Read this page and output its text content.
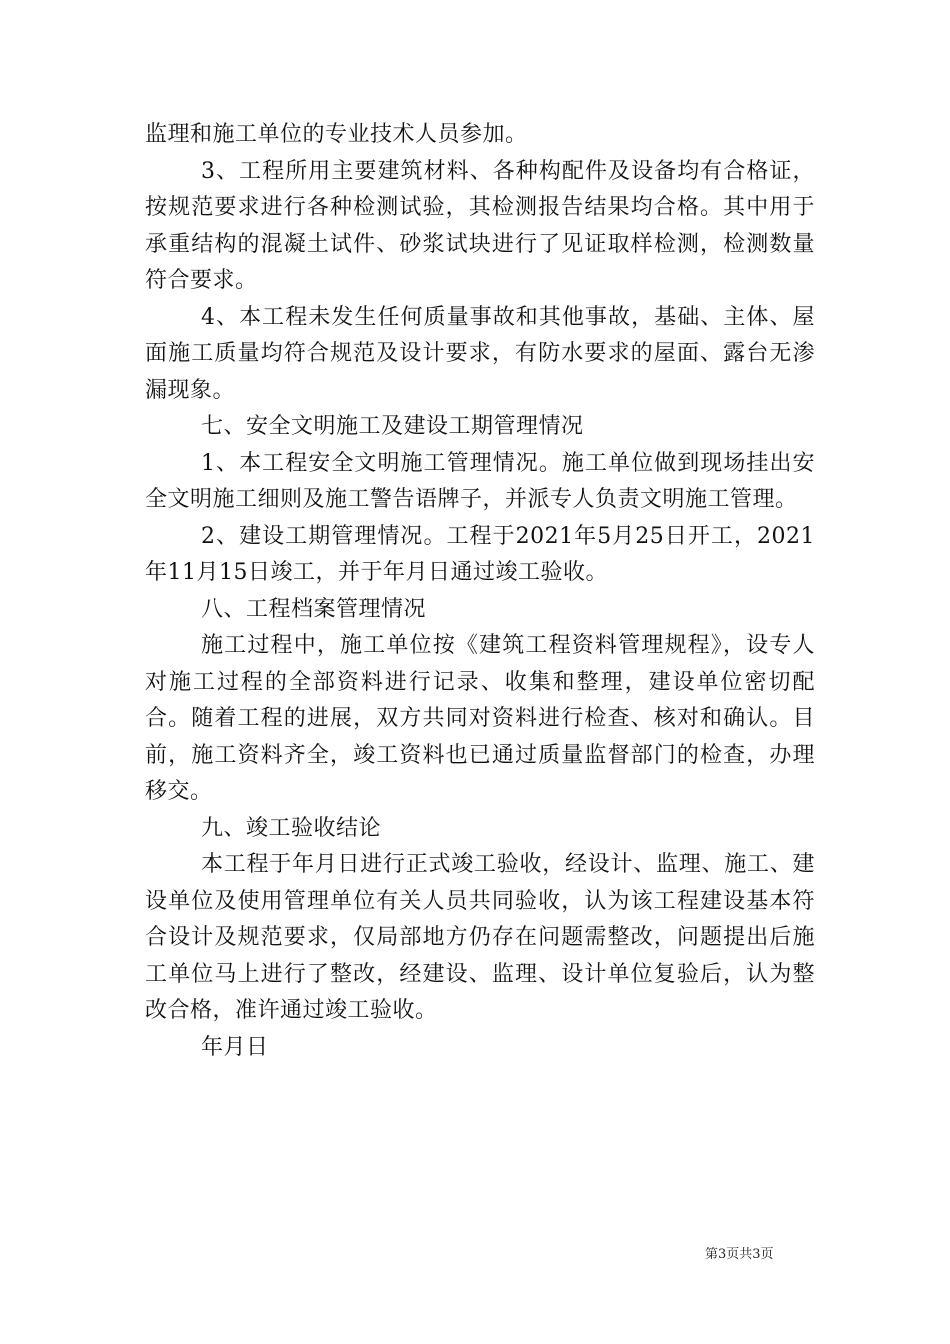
监理和施工单位的专业技术人员参加。

3、工程所用主要建筑材料、各种构配件及设备均有合格证，按规范要求进行各种检测试验，其检测报告结果均合格。其中用于承重结构的混凝土试件、砂浆试块进行了见证取样检测，检测数量符合要求。

4、本工程未发生任何质量事故和其他事故，基础、主体、屋面施工质量均符合规范及设计要求，有防水要求的屋面、露台无渗漏现象。

七、安全文明施工及建设工期管理情况

1、本工程安全文明施工管理情况。施工单位做到现场挂出安全文明施工细则及施工警告语牌子，并派专人负责文明施工管理。

2、建设工期管理情况。工程于2021年5月25日开工，2021年11月15日竣工，并于年月日通过竣工验收。

八、工程档案管理情况

施工过程中，施工单位按《建筑工程资料管理规程》，设专人对施工过程的全部资料进行记录、收集和整理，建设单位密切配合。随着工程的进展，双方共同对资料进行检查、核对和确认。目前，施工资料齐全，竣工资料也已通过质量监督部门的检查，办理移交。

九、竣工验收结论

本工程于年月日进行正式竣工验收，经设计、监理、施工、建设单位及使用管理单位有关人员共同验收，认为该工程建设基本符合设计及规范要求，仅局部地方仍存在问题需整改，问题提出后施工单位马上进行了整改，经建设、监理、设计单位复验后，认为整改合格，准许通过竣工验收。

年月日

第3页共3页
